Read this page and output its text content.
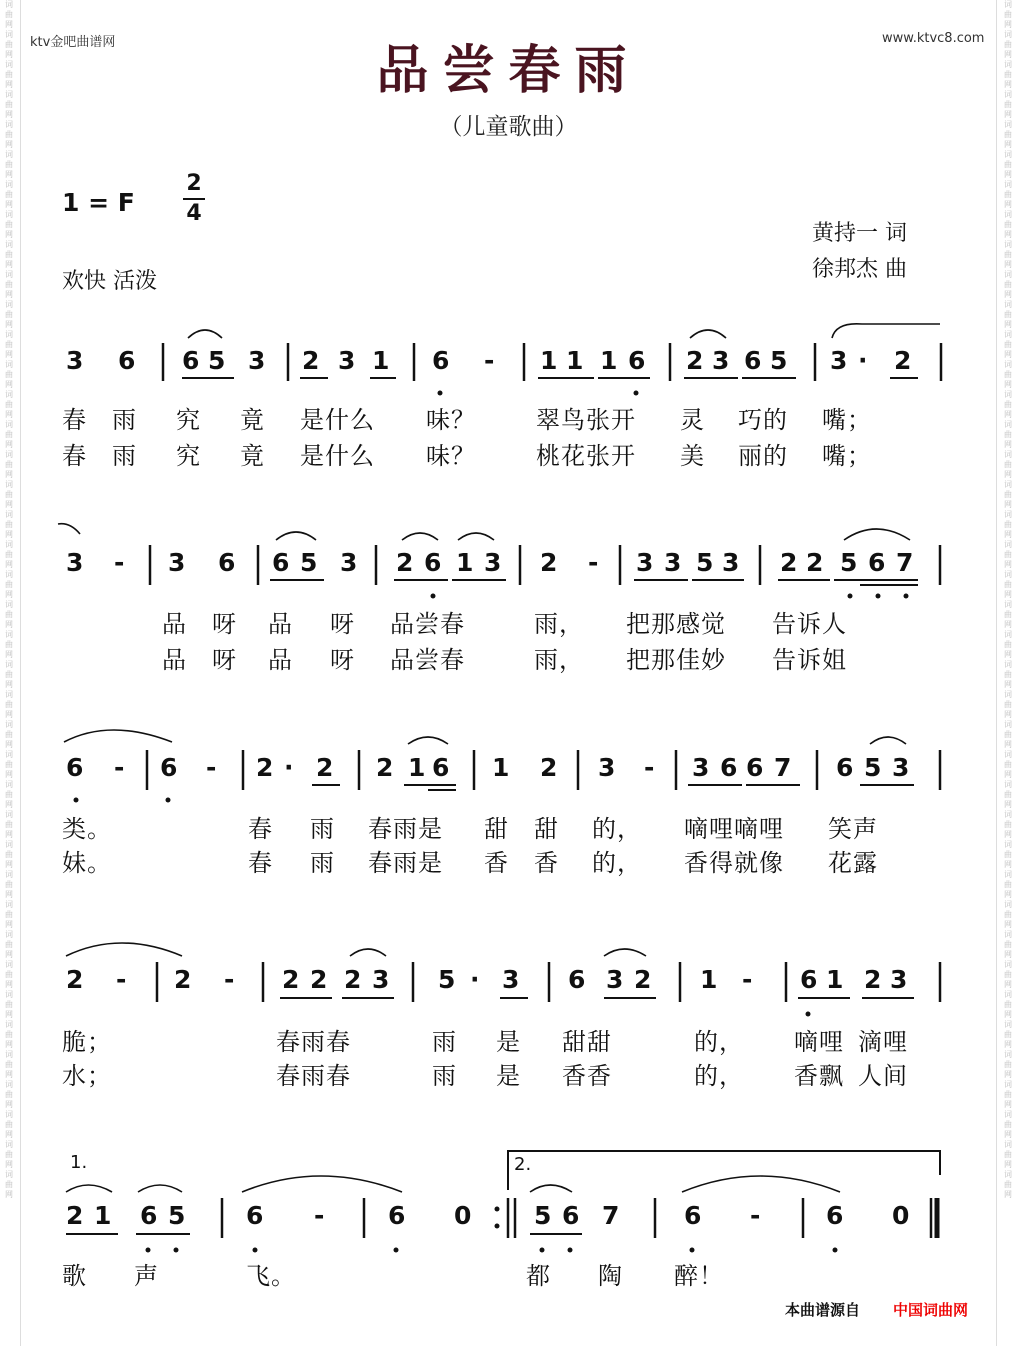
词曲网词曲网词曲网词曲网词曲网词曲网词曲网词曲网词曲网词曲网词曲网词曲网词曲网词曲网词曲网词曲网词曲网词曲网词曲网词曲网词曲网词曲网词曲网词曲网词曲网词曲网词曲网词曲网词曲网词曲网词曲网词曲网词曲网词曲网词曲网词曲网词曲网词曲网词曲网词曲网
词曲网词曲网词曲网词曲网词曲网词曲网词曲网词曲网词曲网词曲网词曲网词曲网词曲网词曲网词曲网词曲网词曲网词曲网词曲网词曲网词曲网词曲网词曲网词曲网词曲网词曲网词曲网词曲网词曲网词曲网词曲网词曲网词曲网词曲网词曲网词曲网词曲网词曲网词曲网词曲网
ktv金吧曲谱网	www.ktvc8.com
品尝春雨
（儿童歌曲）
1 = F
2
4
欢快 活泼
黄持一 词
徐邦杰 曲
3 6 6 5 3 2 3 1 6 - 1 1 1 6 2 3 6 5 3 · 2
春 雨 究 竟 是什么 味？	翠鸟张开 灵 巧的 嘴；
春 雨 究 竟 是什么 味？	桃花张开 美 丽的 嘴；
3 - 3 6 6 5 3 2 6 1 3 2 - 3 3 5 3 2 2 5 6 7
品 呀 品 呀 品尝春	雨， 把那感觉 告诉人
品 呀 品 呀 品尝春	雨， 把那佳妙 告诉姐
6 - 6 - 2 · 2 2 1 6 1 2 3 - 3 6 6 7 6 5 3
类。	春 雨 春雨是 甜 甜 的， 嘀哩嘀哩 笑声
妹。	春 雨 春雨是 香 香 的， 香得就像 花露
2 - 2 - 2 2 2 3 5 · 3 6 3 2 1 - 6 1 2 3
脆；	春雨春	雨 是 甜甜	的， 嘀哩 滴哩
水；	春雨春	雨 是 香香	的， 香飘 人间
1.	2.
2 1 6 5 6 -	6 0 5 6 7	6 -	6 0
歌 声	飞。	都 陶 醉！
本曲谱源自 中国词曲网
